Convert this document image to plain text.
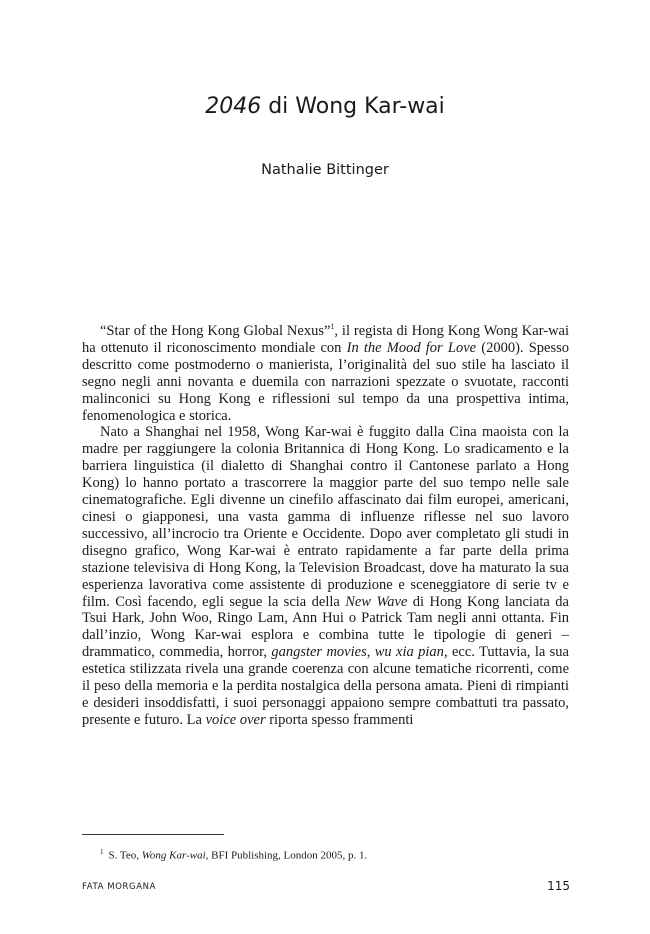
2046 di Wong Kar-wai
Nathalie Bittinger

“Star of the Hong Kong Global Nexus”$^1$, il regista di Hong Kong Wong Kar-wai ha ottenuto il riconoscimento mondiale con In the Mood for Love (2000). Spesso descritto come postmoderno o manierista, l’originalità del suo stile ha lasciato il segno negli anni novanta e duemila con narrazioni spezzate o svuotate, racconti malinconici su Hong Kong e riflessioni sul tempo da una prospettiva intima, fenomenologica e storica.

Nato a Shanghai nel 1958, Wong Kar-wai è fuggito dalla Cina maoista con la madre per raggiungere la colonia Britannica di Hong Kong. Lo sradicamento e la barriera linguistica (il dialetto di Shanghai contro il Cantonese parlato a Hong Kong) lo hanno portato a trascorrere la maggior parte del suo tempo nelle sale cinematografiche. Egli divenne un cinefilo affascinato dai film europei, americani, cinesi o giapponesi, una vasta gamma di influenze riflesse nel suo lavoro successivo, all’incrocio tra Oriente e Occidente. Dopo aver completato gli studi in disegno grafico, Wong Kar-wai è entrato rapidamente a far parte della prima stazione televisiva di Hong Kong, la Television Broadcast, dove ha maturato la sua esperienza lavorativa come assistente di produzione e sceneggiatore di serie tv e film. Così facendo, egli segue la scia della New Wave di Hong Kong lanciata da Tsui Hark, John Woo, Ringo Lam, Ann Hui o Patrick Tam negli anni ottanta. Fin dall’inzio, Wong Kar-wai esplora e combina tutte le tipologie di generi – drammatico, commedia, horror, gangster movies, wu xia pian, ecc. Tuttavia, la sua estetica stilizzata rivela una grande coerenza con alcune tematiche ricorrenti, come il peso della memoria e la perdita nostalgica della persona amata. Pieni di rimpianti e desideri insoddisfatti, i suoi personaggi appaiono sempre combattuti tra passato, presente e futuro. La voice over riporta spesso frammenti

$^1$ S. Teo, Wong Kar-wai, BFI Publishing, London 2005, p. 1.
FATA MORGANA	115
